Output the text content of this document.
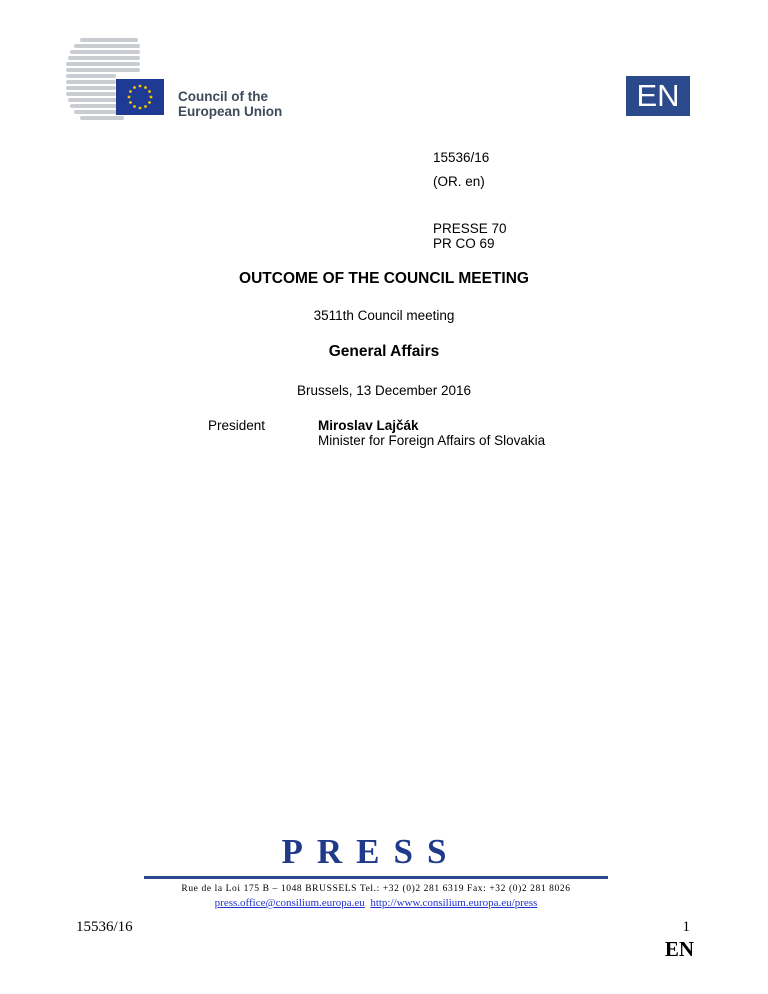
Council of the
European Union	EN
15536/16
(OR. en)
PRESSE 70
PR CO 69
OUTCOME OF THE COUNCIL MEETING
3511th Council meeting
General Affairs
Brussels, 13 December 2016
President	Miroslav Lajčák
Minister for Foreign Affairs of Slovakia
PRESS
Rue de la Loi 175 B – 1048 BRUSSELS Tel.: +32 (0)2 281 6319 Fax: +32 (0)2 281 8026
press.office@consilium.europa.eu http://www.consilium.europa.eu/press
15536/16	1
EN
